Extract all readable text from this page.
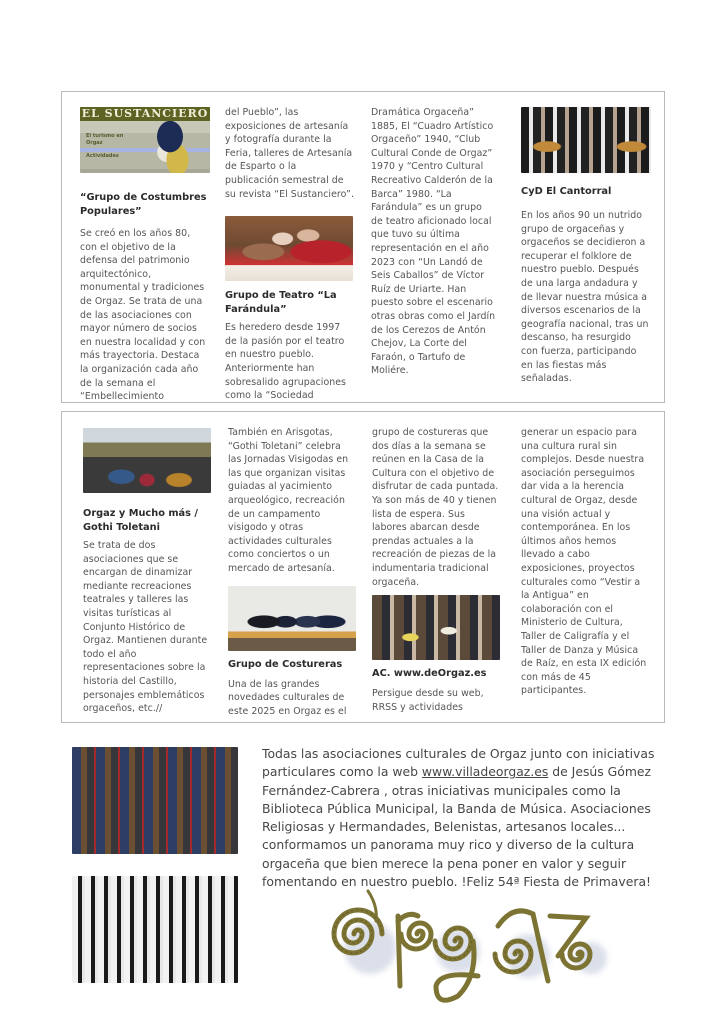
EL SUSTANCIERO
El turismo en
Orgaz
Actividades
“Grupo de Costumbres
Populares”
Se creó en los años 80,
con el objetivo de la
defensa del patrimonio
arquitectónico,
monumental y tradiciones
de Orgaz. Se trata de una
de las asociaciones con
mayor número de socios
en nuestra localidad y con
más trayectoria. Destaca
la organización cada año
de la semana el
“Embellecimiento
del Pueblo”, las
exposiciones de artesanía
y fotografía durante la
Feria, talleres de Artesanía
de Esparto o la
publicación semestral de
su revista “El Sustanciero”.
Grupo de Teatro “La
Farándula”
Es heredero desde 1997
de la pasión por el teatro
en nuestro pueblo.
Anteriormente han
sobresalido agrupaciones
como la “Sociedad
Dramática Orgaceña”
1885, El “Cuadro Artístico
Orgaceño” 1940, “Club
Cultural Conde de Orgaz”
1970 y “Centro Cultural
Recreativo Calderón de la
Barca” 1980. “La
Farándula” es un grupo
de teatro aficionado local
que tuvo su última
representación en el año
2023 con “Un Landó de
Seis Caballos” de Víctor
Ruíz de Uriarte. Han
puesto sobre el escenario
otras obras como el Jardín
de los Cerezos de Antón
Chejov, La Corte del
Faraón, o Tartufo de
Moliére.
CyD El Cantorral
En los años 90 un nutrido
grupo de orgaceñas y
orgaceños se decidieron a
recuperar el folklore de
nuestro pueblo. Después
de una larga andadura y
de llevar nuestra música a
diversos escenarios de la
geografía nacional, tras un
descanso, ha resurgido
con fuerza, participando
en las fiestas más
señaladas.
Orgaz y Mucho más /
Gothi Toletani
Se trata de dos
asociaciones que se
encargan de dinamizar
mediante recreaciones
teatrales y talleres las
visitas turísticas al
Conjunto Histórico de
Orgaz. Mantienen durante
todo el año
representaciones sobre la
historia del Castillo,
personajes emblemáticos
orgaceños, etc.//
También en Arisgotas,
“Gothi Toletani” celebra
las Jornadas Visigodas en
las que organizan visitas
guiadas al yacimiento
arqueológico, recreación
de un campamento
visigodo y otras
actividades culturales
como conciertos o un
mercado de artesanía.
Grupo de Costureras
Una de las grandes
novedades culturales de
este 2025 en Orgaz es el
grupo de costureras que
dos días a la semana se
reúnen en la Casa de la
Cultura con el objetivo de
disfrutar de cada puntada.
Ya son más de 40 y tienen
lista de espera. Sus
labores abarcan desde
prendas actuales a la
recreación de piezas de la
indumentaria tradicional
orgaceña.
AC. www.deOrgaz.es
Persigue desde su web,
RRSS y actividades
generar un espacio para
una cultura rural sin
complejos. Desde nuestra
asociación perseguimos
dar vida a la herencia
cultural de Orgaz, desde
una visión actual y
contemporánea. En los
últimos años hemos
llevado a cabo
exposiciones, proyectos
culturales como “Vestir a
la Antigua” en
colaboración con el
Ministerio de Cultura,
Taller de Caligrafía y el
Taller de Danza y Música
de Raíz, en esta IX edición
con más de 45
participantes.
Todas las asociaciones culturales de Orgaz junto con iniciativas
particulares como la web www.villadeorgaz.es de Jesús Gómez
Fernández-Cabrera , otras iniciativas municipales como la
Biblioteca Pública Municipal, la Banda de Música. Asociaciones
Religiosas y Hermandades, Belenistas, artesanos locales...
conformamos un panorama muy rico y diverso de la cultura
orgaceña que bien merece la pena poner en valor y seguir
fomentando en nuestro pueblo. !Feliz 54ª Fiesta de Primavera!
